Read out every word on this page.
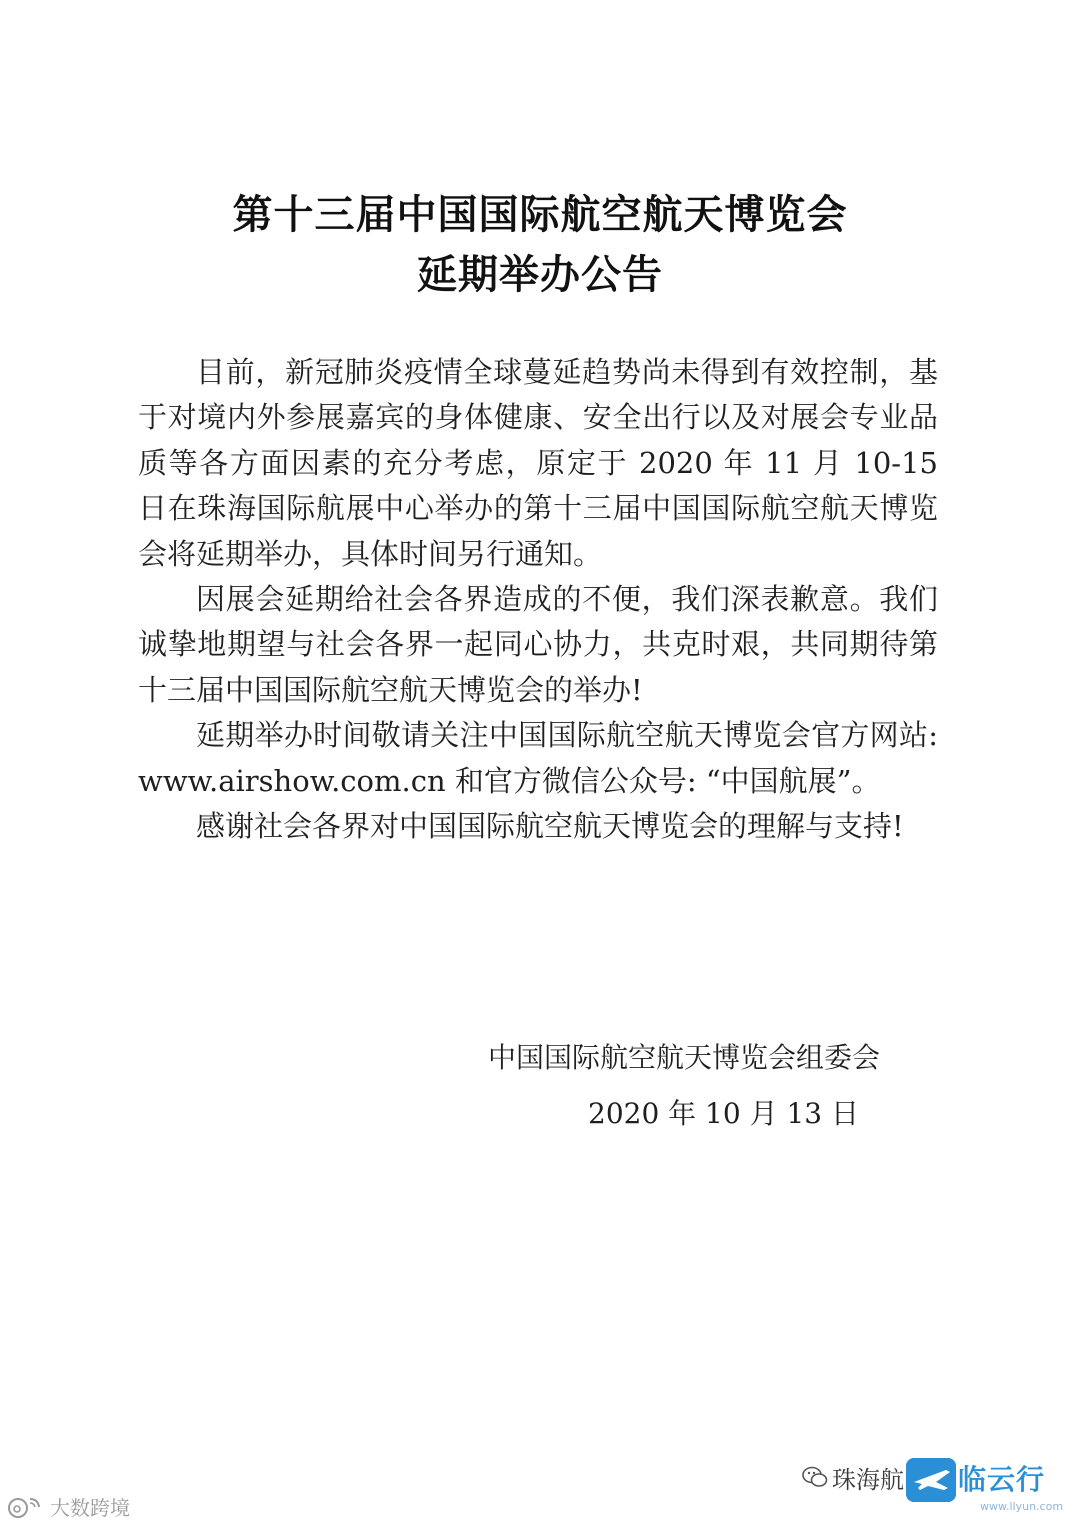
第十三届中国国际航空航天博览会
延期举办公告

目前，新冠肺炎疫情全球蔓延趋势尚未得到有效控制，基于对境内外参展嘉宾的身体健康、安全出行以及对展会专业品质等各方面因素的充分考虑，原定于 2020 年 11 月 10-15 日在珠海国际航展中心举办的第十三届中国国际航空航天博览会将延期举办，具体时间另行通知。

因展会延期给社会各界造成的不便，我们深表歉意。我们诚挚地期望与社会各界一起同心协力，共克时艰，共同期待第十三届中国国际航空航天博览会的举办!

延期举办时间敬请关注中国国际航空航天博览会官方网站: www.airshow.com.cn 和官方微信公众号: “中国航展”。

感谢社会各界对中国国际航空航天博览会的理解与支持!

中国国际航空航天博览会组委会
2020 年 10 月 13 日
大数跨境
珠海航 临云行
www.llyun.com
